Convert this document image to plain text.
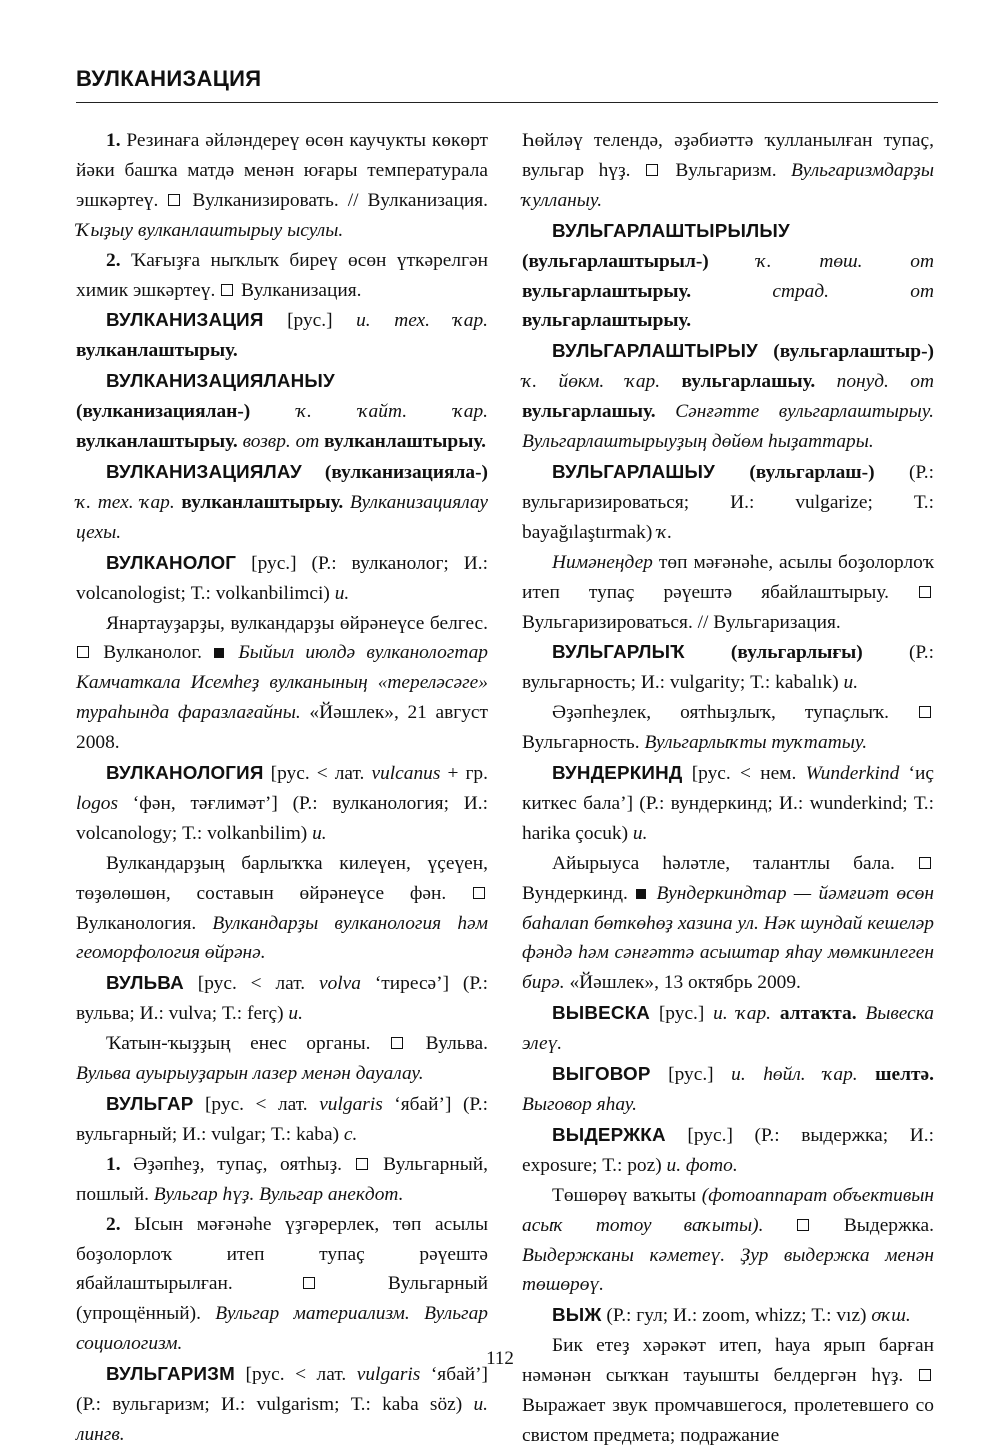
ВУЛКАНИЗАЦИЯ

1. Резинаға әйләндереү өсөн каучукты көкөрт йәки башҡа матдә менән юғары температурала эшкәртеү.  Вулканизировать. // Вулканизация. Ҡыҙыу вулканлаштырыу ысулы.

2. Ҡағыҙға ныҡлыҡ биреү өсөн үткәрелгән химик эшкәртеү.  Вулканизация.

ВУЛКАНИЗАЦИЯ [рус.] и. тех. ҡар. вулканлаштырыу.

ВУЛКАНИЗАЦИЯЛАНЫУ (вулканизациялан-) ҡ. ҡайт. ҡар. вулканлаштырыу. возвр. от вулканлаштырыу.

ВУЛКАНИЗАЦИЯЛАУ (вулканизацияла-) ҡ. тех. ҡар. вулканлаштырыу. Вулканизациялау цехы.

ВУЛКАНОЛОГ [рус.] (Р.: вулканолог; И.: volcanologist; Т.: volkanbilimci) и.

Янартауҙарҙы, вулкандарҙы өйрәнеүсе белгес.  Вулканолог.  Быйыл июлдә вулканологтар Камчаткала Исемһеҙ вулканының «тереләсәге» тураһында фаразлағайны. «Йәшлек», 21 август 2008.

ВУЛКАНОЛОГИЯ [рус. < лат. vulcanus + гр. logos ‘фән, тәғлимәт’] (Р.: вулканология; И.: volcanology; Т.: volkanbilim) и.

Вулкандарҙың барлыҡҡа килеүен, үҫеүен, төҙөлөшөн, составын өйрәнеүсе фән.  Вулканология. Вулкандарҙы вулканология һәм геоморфология өйрәнә.

ВУЛЬВА [рус. < лат. volva ‘тиресә’] (Р.: вульва; И.: vulva; Т.: ferç) и.

Ҡатын-ҡыҙҙың енес органы.  Вульва. Вульва ауырыуҙарын лазер менән дауалау.

ВУЛЬГАР [рус. < лат. vulgaris ‘ябай’] (Р.: вульгарный; И.: vulgar; Т.: kaba) с.

1. Әҙәпһеҙ, тупаҫ, оятһыҙ.  Вульгарный, пошлый. Вульгар һүҙ. Вульгар анекдот.

2. Ысын мәғәнәһе үҙгәрерлек, төп асылы боҙолорлоҡ итеп тупаҫ рәүештә ябайлаштырылған.  Вульгарный (упрощённый). Вульгар материализм. Вульгар социологизм.

ВУЛЬГАРИЗМ [рус. < лат. vulgaris ‘ябай’] (Р.: вульгаризм; И.: vulgarism; Т.: kaba söz) и. лингв.

Һөйләү телендә, әҙәбиәттә ҡулланылған тупаҫ, вульгар һүҙ.  Вульгаризм. Вульгаризмдарҙы ҡулланыу.

ВУЛЬГАРЛАШТЫРЫЛЫУ (вульгарлаштырыл-) ҡ. төш. от вульгарлаштырыу. страд. от вульгарлаштырыу.

ВУЛЬГАРЛАШТЫРЫУ (вульгарлаштыр-) ҡ. йөкм. ҡар. вульгарлашыу. понуд. от вульгарлашыу. Сәнғәтте вульгарлаштырыу. Вульгарлаштырыуҙың дөйөм һыҙаттары.

ВУЛЬГАРЛАШЫУ (вульгарлаш-) (Р.: вульгаризироваться; И.: vulgarize; Т.: bayağılaştırmak) ҡ.

Нимәнеңдер төп мәғәнәһе, асылы боҙолорлоҡ итеп тупаҫ рәүештә ябайлаштырыу.  Вульгаризироваться. // Вульгаризация.

ВУЛЬГАРЛЫҠ (вульгарлығы) (Р.: вульгарность; И.: vulgarity; Т.: kabalık) и.

Әҙәпһеҙлек, оятһыҙлыҡ, тупаҫлыҡ.  Вульгарность. Вульгарлыҡты туҡтатыу.

ВУНДЕРКИНД [рус. < нем. Wunderkind ‘иҫ киткес бала’] (Р.: вундеркинд; И.: wunderkind; Т.: harika çocuk) и.

Айырыуса һәләтле, талантлы бала.  Вундеркинд.  Вундеркиндтар — йәмғиәт өсөн баһалап бөткөһөҙ хазина ул. Нәк шундай кешеләр фәндә һәм сәнғәттә асыштар яһау мөмкинлеген бирә. «Йәшлек», 13 октябрь 2009.

ВЫВЕСКА [рус.] и. ҡар. алтаҡта. Вывеска элеү.

ВЫГОВОР [рус.] и. һөйл. ҡар. шелтә. Выговор яһау.

ВЫДЕРЖКА [рус.] (Р.: выдержка; И.: exposure; Т.: poz) и. фото.

Төшөрөү ваҡыты (фотоаппарат объективын асыҡ тотоу ваҡыты).  Выдержка. Выдержканы кәметеү. Ҙур выдержка менән төшөрөү.

ВЫЖ (Р.: гул; И.: zoom, whizz; Т.: vız) оҡш.

Бик етеҙ хәрәкәт итеп, һауа ярып барған нәмәнән сыҡҡан тауышты белдергән һүҙ.  Выражает звук промчавшегося, пролетевшего со свистом предмета; подражание

112
